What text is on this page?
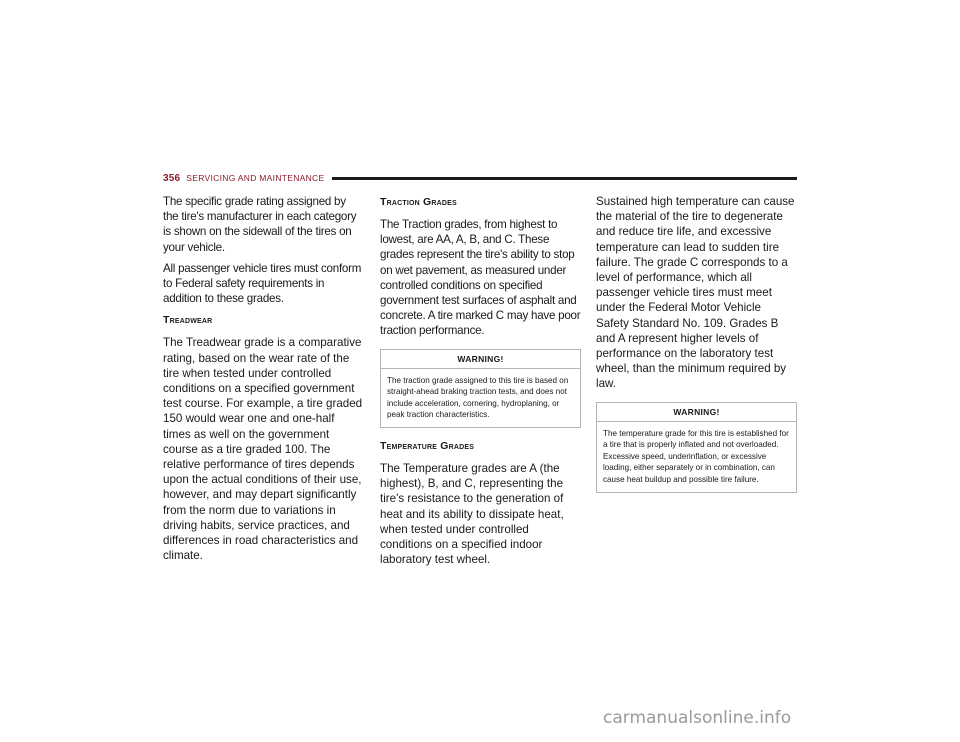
356 SERVICING AND MAINTENANCE

The specific grade rating assigned by the tire's manufacturer in each category is shown on the sidewall of the tires on your vehicle.

All passenger vehicle tires must conform to Federal safety requirements in addition to these grades.

Treadwear

The Treadwear grade is a comparative rating, based on the wear rate of the tire when tested under controlled conditions on a specified government test course. For example, a tire graded 150 would wear one and one-half times as well on the government course as a tire graded 100. The relative performance of tires depends upon the actual conditions of their use, however, and may depart significantly from the norm due to variations in driving habits, service practices, and differences in road characteristics and climate.

Traction Grades

The Traction grades, from highest to lowest, are AA, A, B, and C. These grades represent the tire's ability to stop on wet pavement, as measured under controlled conditions on specified government test surfaces of asphalt and concrete. A tire marked C may have poor traction performance.

WARNING!
The traction grade assigned to this tire is based on straight-ahead braking traction tests, and does not include acceleration, cornering, hydroplaning, or peak traction characteristics.
Temperature Grades

The Temperature grades are A (the highest), B, and C, representing the tire's resistance to the generation of heat and its ability to dissipate heat, when tested under controlled conditions on a specified indoor laboratory test wheel.

Sustained high temperature can cause the material of the tire to degenerate and reduce tire life, and excessive temperature can lead to sudden tire failure. The grade C corresponds to a level of performance, which all passenger vehicle tires must meet under the Federal Motor Vehicle Safety Standard No. 109. Grades B and A represent higher levels of performance on the laboratory test wheel, than the minimum required by law.

WARNING!
The temperature grade for this tire is established for a tire that is properly inflated and not overloaded. Excessive speed, underinflation, or excessive loading, either separately or in combination, can cause heat buildup and possible tire failure.
carmanualsonline.info
